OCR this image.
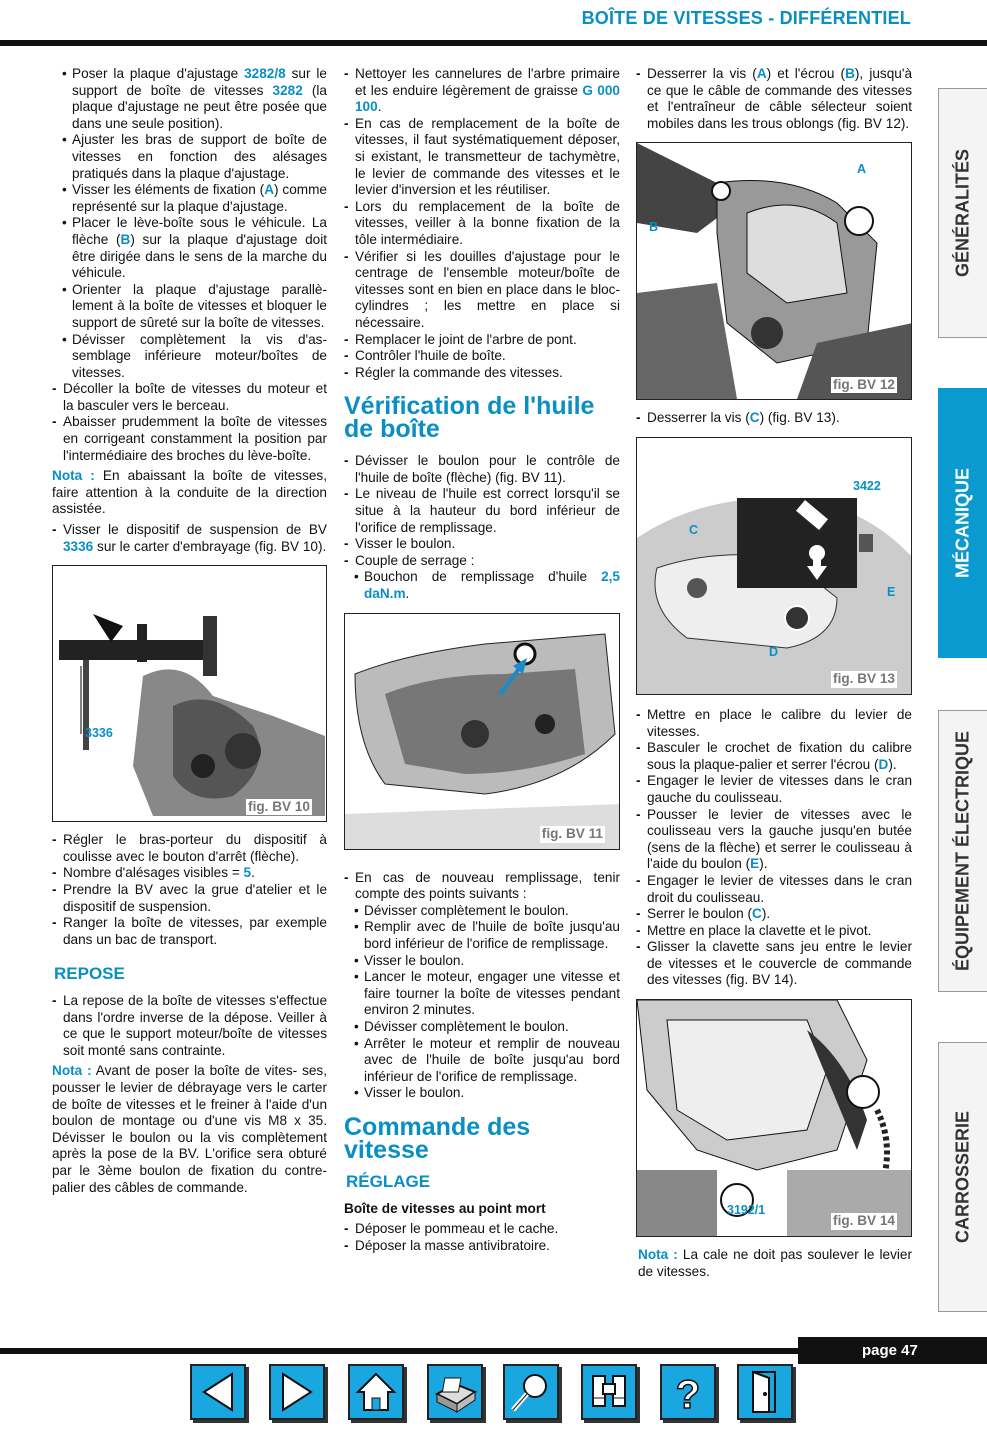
BOÎTE DE VITESSES - DIFFÉRENTIEL
• Poser la plaque d'ajustage 3282/8 sur le support de boîte de vitesses 3282 (la plaque d'ajustage ne peut être posée que dans une seule position).
• Ajuster les bras de support de boîte de vitesses en fonction des alésages pratiqués dans la plaque d'ajustage.
• Visser les éléments de fixation (A) comme représenté sur la plaque d'ajustage.
• Placer le lève-boîte sous le véhicule. La flèche (B) sur la plaque d'ajustage doit être dirigée dans le sens de la marche du véhicule.
• Orienter la plaque d'ajustage parallè- lement à la boîte de vitesses et bloquer le support de sûreté sur la boîte de vitesses.
• Dévisser complètement la vis d'as- semblage inférieure moteur/boîtes de vitesses.
- Décoller la boîte de vitesses du moteur et la basculer vers le berceau.
- Abaisser prudemment la boîte de vitesses en corrigeant constamment la position par l'intermédiaire des broches du lève-boîte.
Nota : En abaissant la boîte de vitesses, faire attention à la conduite de la direction assistée.
- Visser le dispositif de suspension de BV 3336 sur le carter d'embrayage (fig. BV 10).
3336
fig. BV 10
- Régler le bras-porteur du dispositif à coulisse avec le bouton d'arrêt (flèche).
- Nombre d'alésages visibles = 5.
- Prendre la BV avec la grue d'atelier et le dispositif de suspension.
- Ranger la boîte de vitesses, par exemple dans un bac de transport.
REPOSE
- La repose de la boîte de vitesses s'effectue dans l'ordre inverse de la dépose. Veiller à ce que le support moteur/boîte de vitesses soit monté sans contrainte.
Nota : Avant de poser la boîte de vites- ses, pousser le levier de débrayage vers le carter de boîte de vitesses et le freiner à l'aide d'un boulon de montage ou d'une vis M8 x 35. Dévisser le boulon ou la vis complètement après la pose de la BV. L'orifice sera obturé par le 3ème boulon de fixation du contre- palier des câbles de commande.
- Nettoyer les cannelures de l'arbre primaire et les enduire légèrement de graisse G 000 100.
- En cas de remplacement de la boîte de vitesses, il faut systématiquement déposer, si existant, le transmetteur de tachymètre, le levier de commande des vitesses et le levier d'inversion et les réutiliser.
- Lors du remplacement de la boîte de vitesses, veiller à la bonne fixation de la tôle intermédiaire.
- Vérifier si les douilles d'ajustage pour le centrage de l'ensemble moteur/boîte de vitesses sont en bien en place dans le bloc-cylindres ; les mettre en place si nécessaire.
- Remplacer le joint de l'arbre de pont.
- Contrôler l'huile de boîte.
- Régler la commande des vitesses.
Vérification de l'huile de boîte
- Dévisser le boulon pour le contrôle de l'huile de boîte (flèche) (fig. BV 11).
- Le niveau de l'huile est correct lorsqu'il se situe à la hauteur du bord inférieur de l'orifice de remplissage.
- Visser le boulon.
- Couple de serrage :
• Bouchon de remplissage d'huile 2,5 daN.m.
fig. BV 11
- En cas de nouveau remplissage, tenir compte des points suivants :
• Dévisser complètement le boulon.
• Remplir avec de l'huile de boîte jusqu'au bord inférieur de l'orifice de remplissage.
• Visser le boulon.
• Lancer le moteur, engager une vitesse et faire tourner la boîte de vitesses pendant environ 2 minutes.
• Dévisser complètement le boulon.
• Arrêter le moteur et remplir de nouveau avec de l'huile de boîte jusqu'au bord inférieur de l'orifice de remplissage.
• Visser le boulon.
Commande des vitesse
RÉGLAGE
Boîte de vitesses au point mort
- Déposer le pommeau et le cache.
- Déposer la masse antivibratoire.
- Desserrer la vis (A) et l'écrou (B), jusqu'à ce que le câble de commande des vitesses et l'entraîneur de câble sélecteur soient mobiles dans les trous oblongs (fig. BV 12).
A
B
fig. BV 12
- Desserrer la vis (C) (fig. BV 13).
3422
C
E
D
fig. BV 13
- Mettre en place le calibre du levier de vitesses.
- Basculer le crochet de fixation du calibre sous la plaque-palier et serrer l'écrou (D).
- Engager le levier de vitesses dans le cran gauche du coulisseau.
- Pousser le levier de vitesses avec le coulisseau vers la gauche jusqu'en butée (sens de la flèche) et serrer le coulisseau à l'aide du boulon (E).
- Engager le levier de vitesses dans le cran droit du coulisseau.
- Serrer le boulon (C).
- Mettre en place la clavette et le pivot.
- Glisser la clavette sans jeu entre le levier de vitesses et le couvercle de commande des vitesses (fig. BV 14).
3192/1
fig. BV 14
Nota : La cale ne doit pas soulever le levier de vitesses.
GÉNÉRALITÉS
MÉCANIQUE
ÉQUIPEMENT ÉLECTRIQUE
CARROSSERIE
page 47
?
